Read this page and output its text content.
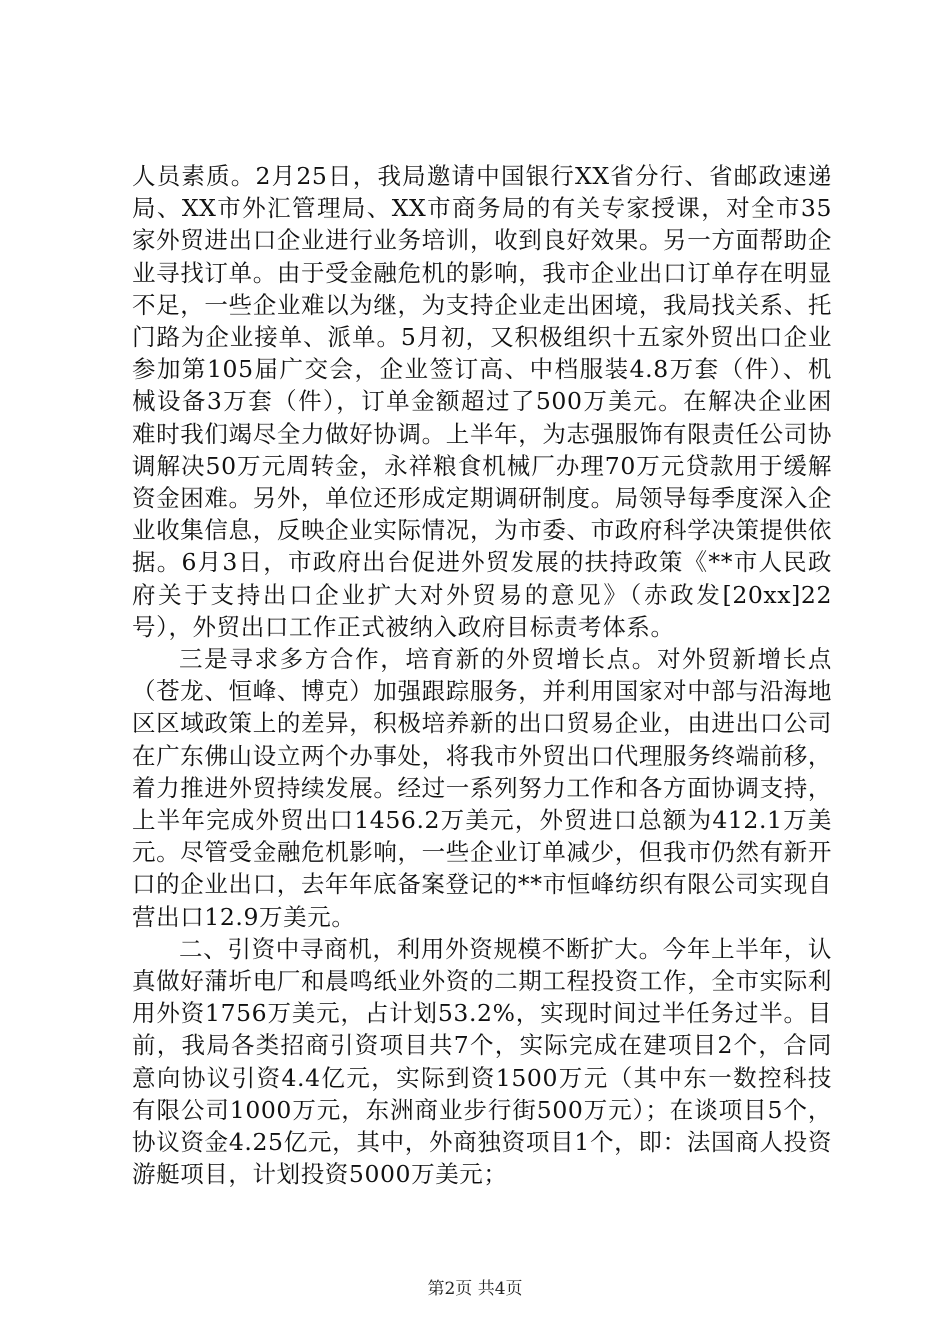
人员素质。2月25日，我局邀请中国银行XX省分行、省邮政速递局、XX市外汇管理局、XX市商务局的有关专家授课，对全市35家外贸进出口企业进行业务培训，收到良好效果。另一方面帮助企业寻找订单。由于受金融危机的影响，我市企业出口订单存在明显不足，一些企业难以为继，为支持企业走出困境，我局找关系、托门路为企业接单、派单。5月初，又积极组织十五家外贸出口企业参加第105届广交会，企业签订高、中档服装4.8万套（件）、机械设备3万套（件），订单金额超过了500万美元。在解决企业困难时我们竭尽全力做好协调。上半年，为志强服饰有限责任公司协调解决50万元周转金，永祥粮食机械厂办理70万元贷款用于缓解资金困难。另外，单位还形成定期调研制度。局领导每季度深入企业收集信息，反映企业实际情况，为市委、市政府科学决策提供依据。6月3日，市政府出台促进外贸发展的扶持政策《**市人民政府关于支持出口企业扩大对外贸易的意见》（赤政发[20xx]22号），外贸出口工作正式被纳入政府目标责考体系。

三是寻求多方合作，培育新的外贸增长点。对外贸新增长点（苍龙、恒峰、博克）加强跟踪服务，并利用国家对中部与沿海地区区域政策上的差异，积极培养新的出口贸易企业，由进出口公司在广东佛山设立两个办事处，将我市外贸出口代理服务终端前移，着力推进外贸持续发展。经过一系列努力工作和各方面协调支持，上半年完成外贸出口1456.2万美元，外贸进口总额为412.1万美元。尽管受金融危机影响，一些企业订单减少，但我市仍然有新开口的企业出口，去年年底备案登记的**市恒峰纺织有限公司实现自营出口12.9万美元。

二、引资中寻商机，利用外资规模不断扩大。今年上半年，认真做好蒲圻电厂和晨鸣纸业外资的二期工程投资工作，全市实际利用外资1756万美元，占计划53.2%，实现时间过半任务过半。目前，我局各类招商引资项目共7个，实际完成在建项目2个，合同意向协议引资4.4亿元，实际到资1500万元（其中东一数控科技有限公司1000万元，东洲商业步行街500万元）；在谈项目5个，协议资金4.25亿元，其中，外商独资项目1个，即：法国商人投资游艇项目，计划投资5000万美元；

第2页 共4页
